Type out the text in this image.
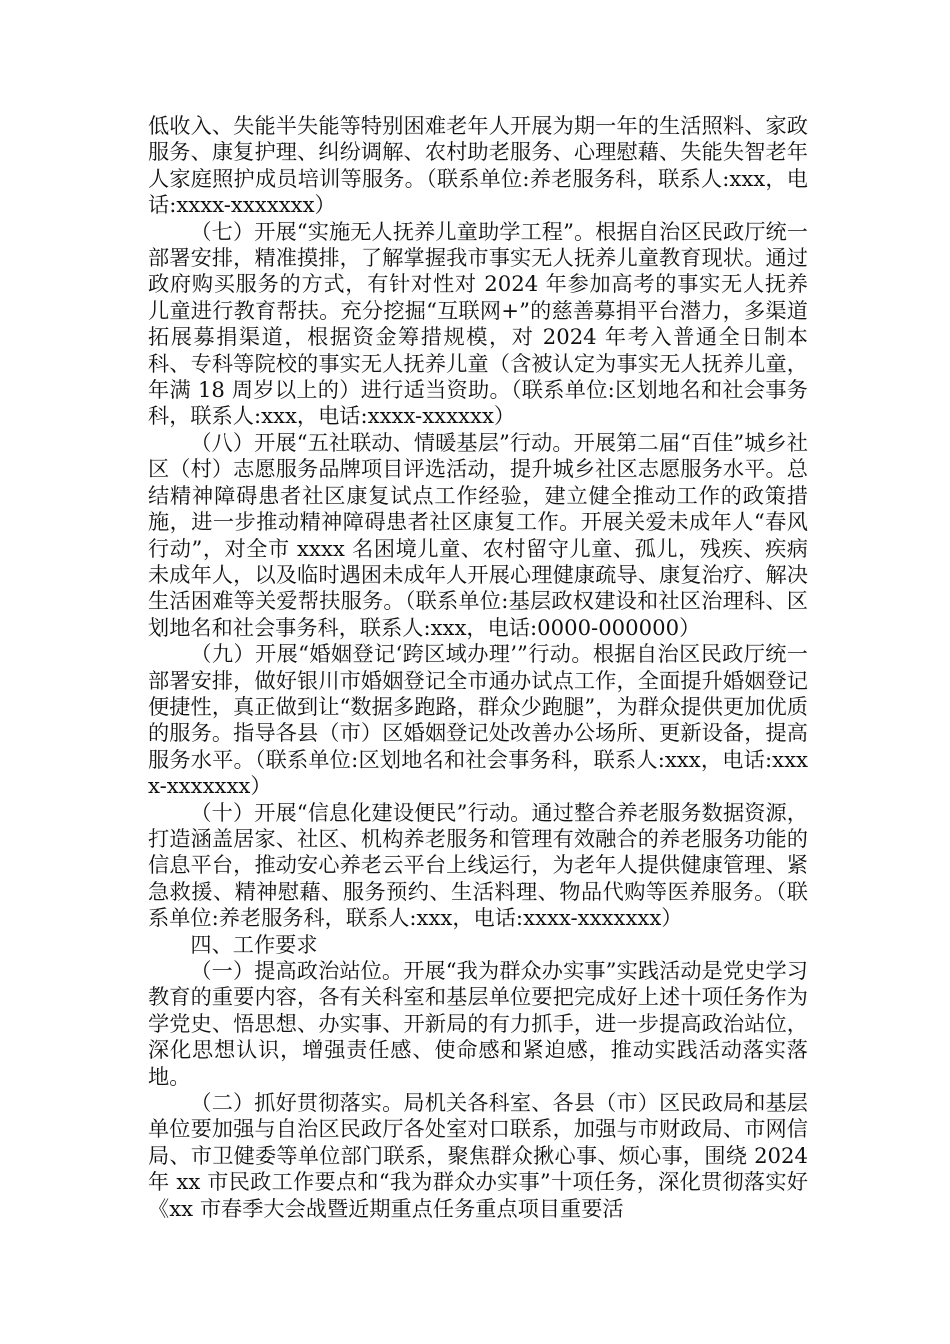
低收入、失能半失能等特别困难老年人开展为期一年的生活照料、家政服务、康复护理、纠纷调解、农村助老服务、心理慰藉、失能失智老年人家庭照护成员培训等服务。（联系单位:养老服务科，联系人:xxx，电话:xxxx-xxxxxxx）

（七）开展“实施无人抚养儿童助学工程”。根据自治区民政厅统一部署安排，精准摸排，了解掌握我市事实无人抚养儿童教育现状。通过政府购买服务的方式，有针对性对 2024 年参加高考的事实无人抚养儿童进行教育帮扶。充分挖掘“互联网+”的慈善募捐平台潜力，多渠道拓展募捐渠道，根据资金筹措规模，对 2024 年考入普通全日制本科、专科等院校的事实无人抚养儿童（含被认定为事实无人抚养儿童，年满 18 周岁以上的）进行适当资助。（联系单位:区划地名和社会事务科，联系人:xxx，电话:xxxx-xxxxxx）

（八）开展“五社联动、情暖基层”行动。开展第二届“百佳”城乡社区（村）志愿服务品牌项目评选活动，提升城乡社区志愿服务水平。总结精神障碍患者社区康复试点工作经验，建立健全推动工作的政策措施，进一步推动精神障碍患者社区康复工作。开展关爱未成年人“春风行动”，对全市 xxxx 名困境儿童、农村留守儿童、孤儿，残疾、疾病未成年人，以及临时遇困未成年人开展心理健康疏导、康复治疗、解决生活困难等关爱帮扶服务。（联系单位:基层政权建设和社区治理科、区划地名和社会事务科，联系人:xxx，电话:0000-000000）

（九）开展“婚姻登记‘跨区域办理’”行动。根据自治区民政厅统一部署安排，做好银川市婚姻登记全市通办试点工作，全面提升婚姻登记便捷性，真正做到让“数据多跑路，群众少跑腿”，为群众提供更加优质的服务。指导各县（市）区婚姻登记处改善办公场所、更新设备，提高服务水平。（联系单位:区划地名和社会事务科，联系人:xxx，电话:xxxx-xxxxxxx）

（十）开展“信息化建设便民”行动。通过整合养老服务数据资源，打造涵盖居家、社区、机构养老服务和管理有效融合的养老服务功能的信息平台，推动安心养老云平台上线运行，为老年人提供健康管理、紧急救援、精神慰藉、服务预约、生活料理、物品代购等医养服务。（联系单位:养老服务科，联系人:xxx，电话:xxxx-xxxxxxx）

四、工作要求

（一）提高政治站位。开展“我为群众办实事”实践活动是党史学习教育的重要内容，各有关科室和基层单位要把完成好上述十项任务作为学党史、悟思想、办实事、开新局的有力抓手，进一步提高政治站位，深化思想认识，增强责任感、使命感和紧迫感，推动实践活动落实落地。

（二）抓好贯彻落实。局机关各科室、各县（市）区民政局和基层单位要加强与自治区民政厅各处室对口联系，加强与市财政局、市网信局、市卫健委等单位部门联系，聚焦群众揪心事、烦心事，围绕 2024 年 xx 市民政工作要点和“我为群众办实事”十项任务，深化贯彻落实好《xx 市春季大会战暨近期重点任务重点项目重要活
